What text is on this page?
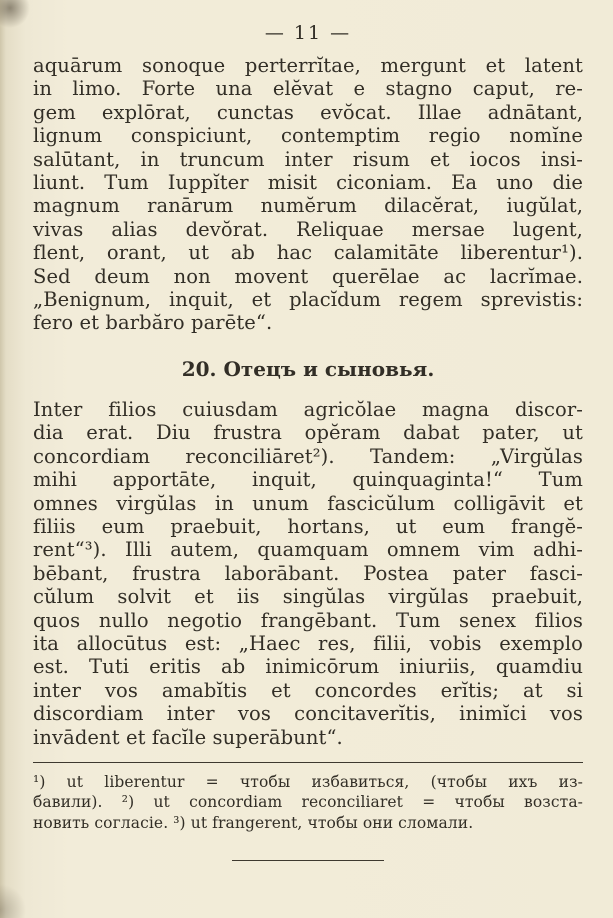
— 11 —
aquārum sonoque perterrĭtae, mergunt et latent
in limo. Forte una elĕvat e stagno caput, re-
gem explōrat, cunctas evŏcat. Illae adnātant,
lignum conspiciunt, contemptim regio nomĭne
salūtant, in truncum inter risum et iocos insi-
liunt. Tum Iuppĭter misit ciconiam. Ea uno die
magnum ranārum numĕrum dilacĕrat, iugŭlat,
vivas alias devŏrat. Reliquae mersae lugent,
flent, orant, ut ab hac calamitāte liberentur¹).
Sed deum non movent querēlae ac lacrĭmae.
„Benignum, inquit, et placĭdum regem sprevistis:
fero et barbăro parēte“.
20. Отецъ и сыновья.
Inter filios cuiusdam agricŏlae magna discor-
dia erat. Diu frustra opĕram dabat pater, ut
concordiam reconciliāret²). Tandem: „Virgŭlas
mihi apportāte, inquit, quinquaginta!“ Tum
omnes virgŭlas in unum fascicŭlum colligāvit et
filiis eum praebuit, hortans, ut eum frangĕ-
rent“³). Illi autem, quamquam omnem vim adhi-
bēbant, frustra laborābant. Postea pater fasci-
cŭlum solvit et iis singŭlas virgŭlas praebuit,
quos nullo negotio frangēbant. Tum senex filios
ita allocūtus est: „Haec res, filii, vobis exemplo
est. Tuti eritis ab inimicōrum iniuriis, quamdiu
inter vos amabĭtis et concordes erĭtis; at si
discordiam inter vos concitaverĭtis, inimĭci vos
invādent et facĭle superābunt“.
¹) ut liberentur = чтобы избавиться, (чтобы ихъ из-
бавили). ²) ut concordiam reconciliaret = чтобы возста-
новить согласіе. ³) ut frangerent, чтобы они сломали.
